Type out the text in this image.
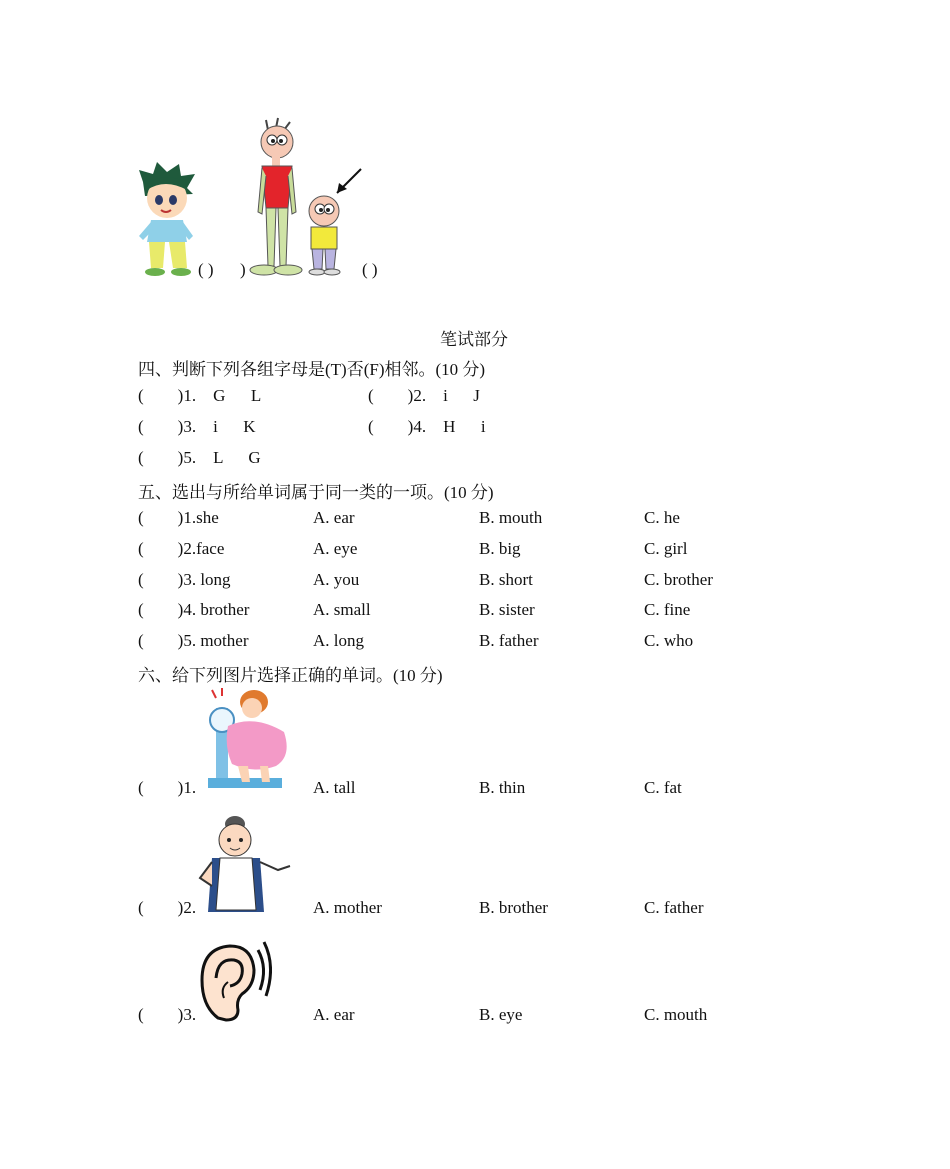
( ) )	( )
笔试部分
四、判断下列各组字母是(T)否(F)相邻。(10 分)
(        )1.    G      L	(        )2.    i      J
(        )3.    i      K	(        )4.    H      i
(        )5.    L      G
五、选出与所给单词属于同一类的一项。(10 分)
(        )1.she	A. ear	B. mouth	C. he
(        )2.face	A. eye	B. big	C. girl
(        )3. long	A. you	B. short	C. brother
(        )4. brother	A. small	B. sister	C. fine
(        )5. mother	A. long	B. father	C. who
六、给下列图片选择正确的单词。(10 分)
(        )1.	A. tall	B. thin	C. fat
(        )2.	A. mother	B. brother	C. father
(        )3.	A. ear	B. eye	C. mouth
